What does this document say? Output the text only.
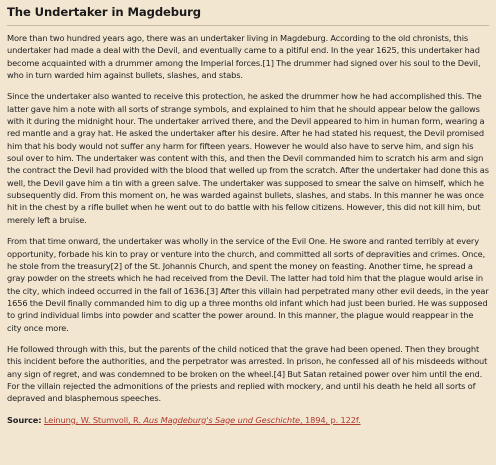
The Undertaker in Magdeburg

More than two hundred years ago, there was an undertaker living in Magdeburg. According to the old chronists, this undertaker had made a deal with the Devil, and eventually came to a pitiful end. In the year 1625, this undertaker had become acquainted with a drummer among the Imperial forces.[1] The drummer had signed over his soul to the Devil, who in turn warded him against bullets, slashes, and stabs.

Since the undertaker also wanted to receive this protection, he asked the drummer how he had accomplished this. The latter gave him a note with all sorts of strange symbols, and explained to him that he should appear below the gallows with it during the midnight hour. The undertaker arrived there, and the Devil appeared to him in human form, wearing a red mantle and a gray hat. He asked the undertaker after his desire. After he had stated his request, the Devil promised him that his body would not suffer any harm for fifteen years. However he would also have to serve him, and sign his soul over to him. The undertaker was content with this, and then the Devil commanded him to scratch his arm and sign the contract the Devil had provided with the blood that welled up from the scratch. After the undertaker had done this as well, the Devil gave him a tin with a green salve. The undertaker was supposed to smear the salve on himself, which he subsequently did. From this moment on, he was warded against bullets, slashes, and stabs. In this manner he was once hit in the chest by a rifle bullet when he went out to do battle with his fellow citizens. However, this did not kill him, but merely left a bruise.

From that time onward, the undertaker was wholly in the service of the Evil One. He swore and ranted terribly at every opportunity, forbade his kin to pray or venture into the church, and committed all sorts of depravities and crimes. Once, he stole from the treasury[2] of the St. Johannis Church, and spent the money on feasting. Another time, he spread a gray powder on the streets which he had received from the Devil. The latter had told him that the plague would arise in the city, which indeed occurred in the fall of 1636.[3] After this villain had perpetrated many other evil deeds, in the year 1656 the Devil finally commanded him to dig up a three months old infant which had just been buried. He was supposed to grind individual limbs into powder and scatter the power around. In this manner, the plague would reappear in the city once more.

He followed through with this, but the parents of the child noticed that the grave had been opened. Then they brought this incident before the authorities, and the perpetrator was arrested. In prison, he confessed all of his misdeeds without any sign of regret, and was condemned to be broken on the wheel.[4] But Satan retained power over him until the end. For the villain rejected the admonitions of the priests and replied with mockery, and until his death he held all sorts of depraved and blasphemous speeches.

Source: Leinung, W. Stumvoll, R. Aus Magdeburg's Sage und Geschichte, 1894, p. 122f.
